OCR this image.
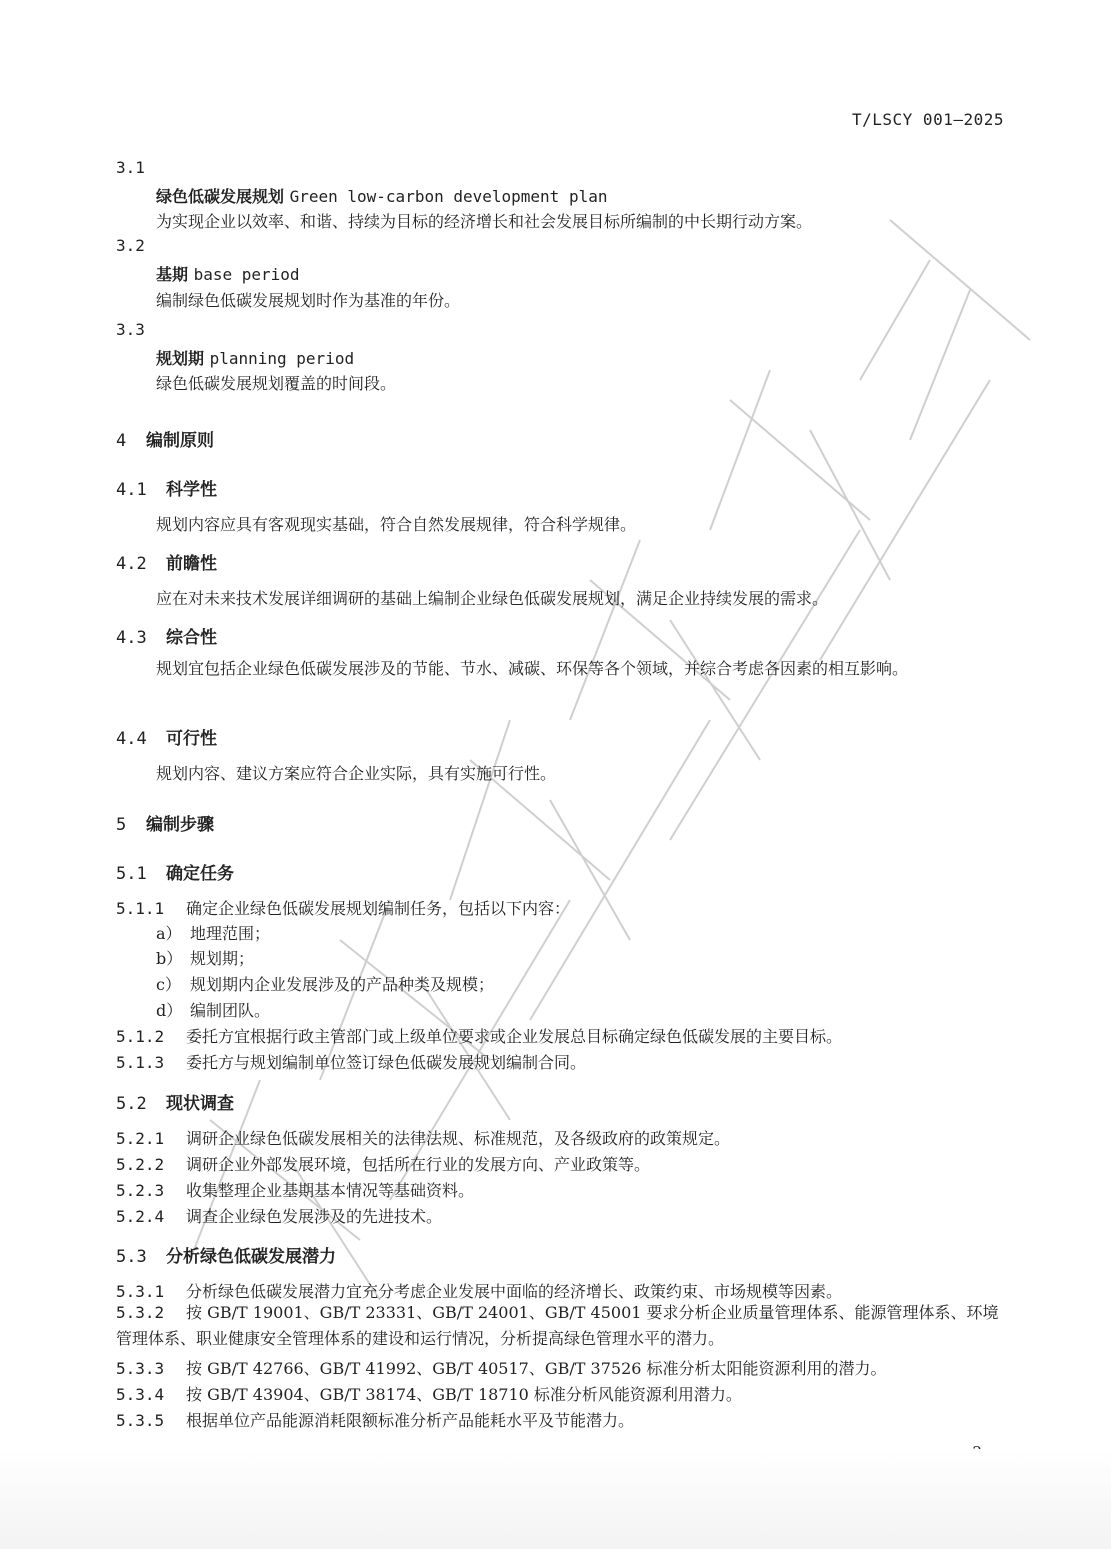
T/LSCY 001—2025
3.1
绿色低碳发展规划 Green low-carbon development plan
为实现企业以效率、和谐、持续为目标的经济增长和社会发展目标所编制的中长期行动方案。
3.2
基期 base period
编制绿色低碳发展规划时作为基准的年份。
3.3
规划期 planning period
绿色低碳发展规划覆盖的时间段。
4 编制原则
4.1 科学性
规划内容应具有客观现实基础，符合自然发展规律，符合科学规律。
4.2 前瞻性
应在对未来技术发展详细调研的基础上编制企业绿色低碳发展规划，满足企业持续发展的需求。
4.3 综合性
规划宜包括企业绿色低碳发展涉及的节能、节水、减碳、环保等各个领域，并综合考虑各因素的相互影响。
4.4 可行性
规划内容、建议方案应符合企业实际，具有实施可行性。
5 编制步骤
5.1 确定任务
5.1.1 确定企业绿色低碳发展规划编制任务，包括以下内容：
a） 地理范围；
b） 规划期；
c） 规划期内企业发展涉及的产品种类及规模；
d） 编制团队。
5.1.2 委托方宜根据行政主管部门或上级单位要求或企业发展总目标确定绿色低碳发展的主要目标。
5.1.3 委托方与规划编制单位签订绿色低碳发展规划编制合同。
5.2 现状调查
5.2.1 调研企业绿色低碳发展相关的法律法规、标准规范，及各级政府的政策规定。
5.2.2 调研企业外部发展环境，包括所在行业的发展方向、产业政策等。
5.2.3 收集整理企业基期基本情况等基础资料。
5.2.4 调查企业绿色发展涉及的先进技术。
5.3 分析绿色低碳发展潜力
5.3.1 分析绿色低碳发展潜力宜充分考虑企业发展中面临的经济增长、政策约束、市场规模等因素。
5.3.2 按 GB/T 19001、GB/T 23331、GB/T 24001、GB/T 45001 要求分析企业质量管理体系、能源管理体系、环境管理体系、职业健康安全管理体系的建设和运行情况，分析提高绿色管理水平的潜力。
5.3.3 按 GB/T 42766、GB/T 41992、GB/T 40517、GB/T 37526 标准分析太阳能资源利用的潜力。
5.3.4 按 GB/T 43904、GB/T 38174、GB/T 18710 标准分析风能资源利用潜力。
5.3.5 根据单位产品能源消耗限额标准分析产品能耗水平及节能潜力。
